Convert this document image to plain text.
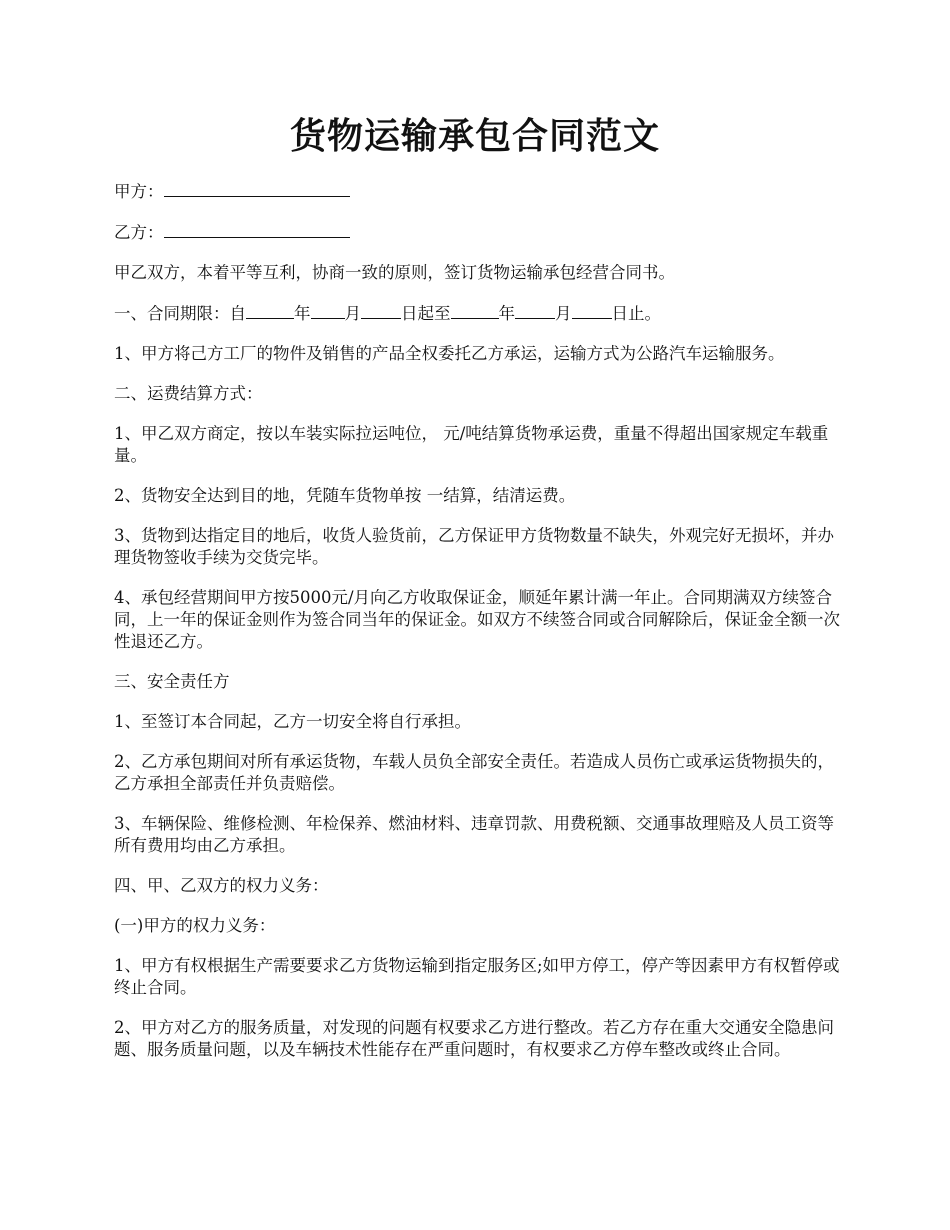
货物运输承包合同范文

甲方：

乙方：

甲乙双方，本着平等互利，协商一致的原则，签订货物运输承包经营合同书。

一、合同期限：自	年 月 日起至	年 月 日止。

1、甲方将己方工厂的物件及销售的产品全权委托乙方承运，运输方式为公路汽车运输服务。

二、运费结算方式：

1、甲乙双方商定，按以车装实际拉运吨位， 元/吨结算货物承运费，重量不得超出国家规定车载重量。

2、货物安全达到目的地，凭随车货物单按 一结算，结清运费。

3、货物到达指定目的地后，收货人验货前，乙方保证甲方货物数量不缺失，外观完好无损坏，并办理货物签收手续为交货完毕。

4、承包经营期间甲方按5000元/月向乙方收取保证金，顺延年累计满一年止。合同期满双方续签合同，上一年的保证金则作为签合同当年的保证金。如双方不续签合同或合同解除后，保证金全额一次性退还乙方。

三、安全责任方

1、至签订本合同起，乙方一切安全将自行承担。

2、乙方承包期间对所有承运货物，车载人员负全部安全责任。若造成人员伤亡或承运货物损失的，乙方承担全部责任并负责赔偿。

3、车辆保险、维修检测、年检保养、燃油材料、违章罚款、用费税额、交通事故理赔及人员工资等所有费用均由乙方承担。

四、甲、乙双方的权力义务：

(一)甲方的权力义务：

1、甲方有权根据生产需要要求乙方货物运输到指定服务区;如甲方停工，停产等因素甲方有权暂停或终止合同。

2、甲方对乙方的服务质量，对发现的问题有权要求乙方进行整改。若乙方存在重大交通安全隐患问题、服务质量问题，以及车辆技术性能存在严重问题时，有权要求乙方停车整改或终止合同。
